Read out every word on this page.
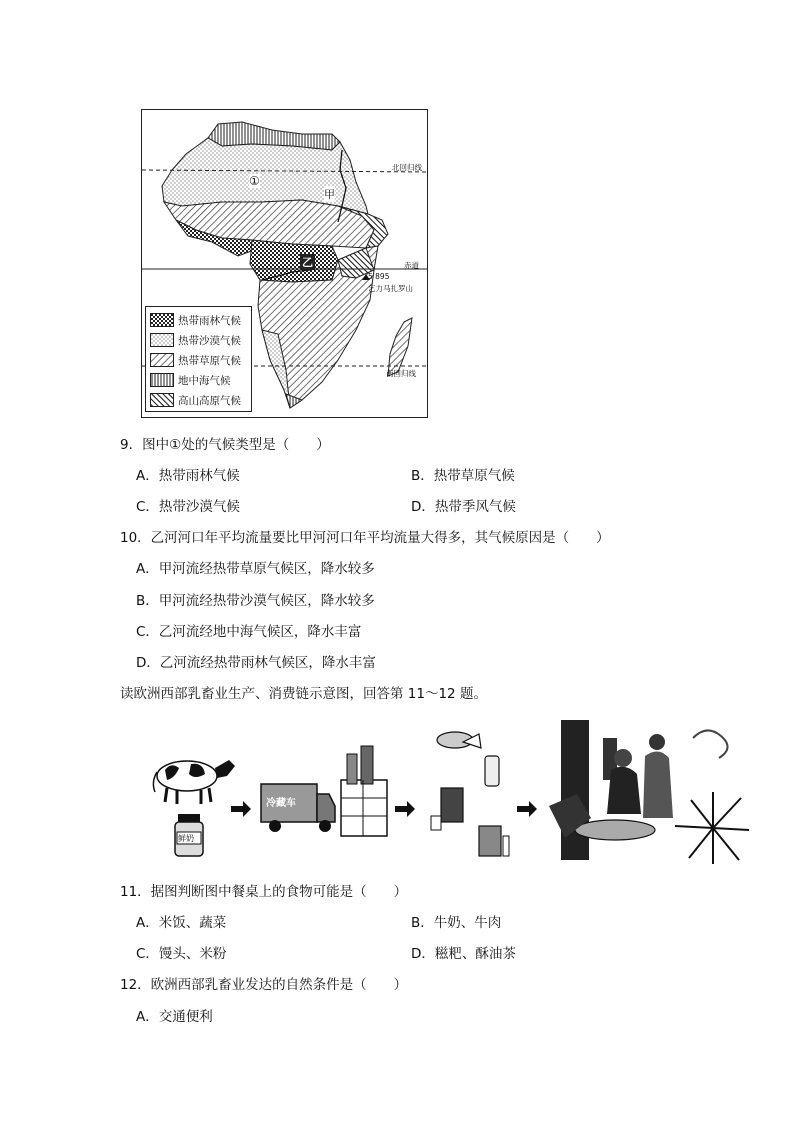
北回归线
赤道
南回归线
5 895
乞力马扎罗山
①
甲
乙
热带雨林气候
热带沙漠气候
热带草原气候
地中海气候
高山高原气候
9．图中①处的气候类型是（　　）
A．热带雨林气候	B．热带草原气候
C．热带沙漠气候	D．热带季风气候
10．乙河河口年平均流量要比甲河河口年平均流量大得多，其气候原因是（　　）
A．甲河流经热带草原气候区，降水较多
B．甲河流经热带沙漠气候区，降水较多
C．乙河流经地中海气候区，降水丰富
D．乙河流经热带雨林气候区，降水丰富
读欧洲西部乳畜业生产、消费链示意图，回答第 11～12 题。
冷藏车
鲜奶
11．据图判断图中餐桌上的食物可能是（　　）
A．米饭、蔬菜	B．牛奶、牛肉
C．馒头、米粉	D．糍粑、酥油茶
12．欧洲西部乳畜业发达的自然条件是（　　）
A．交通便利
